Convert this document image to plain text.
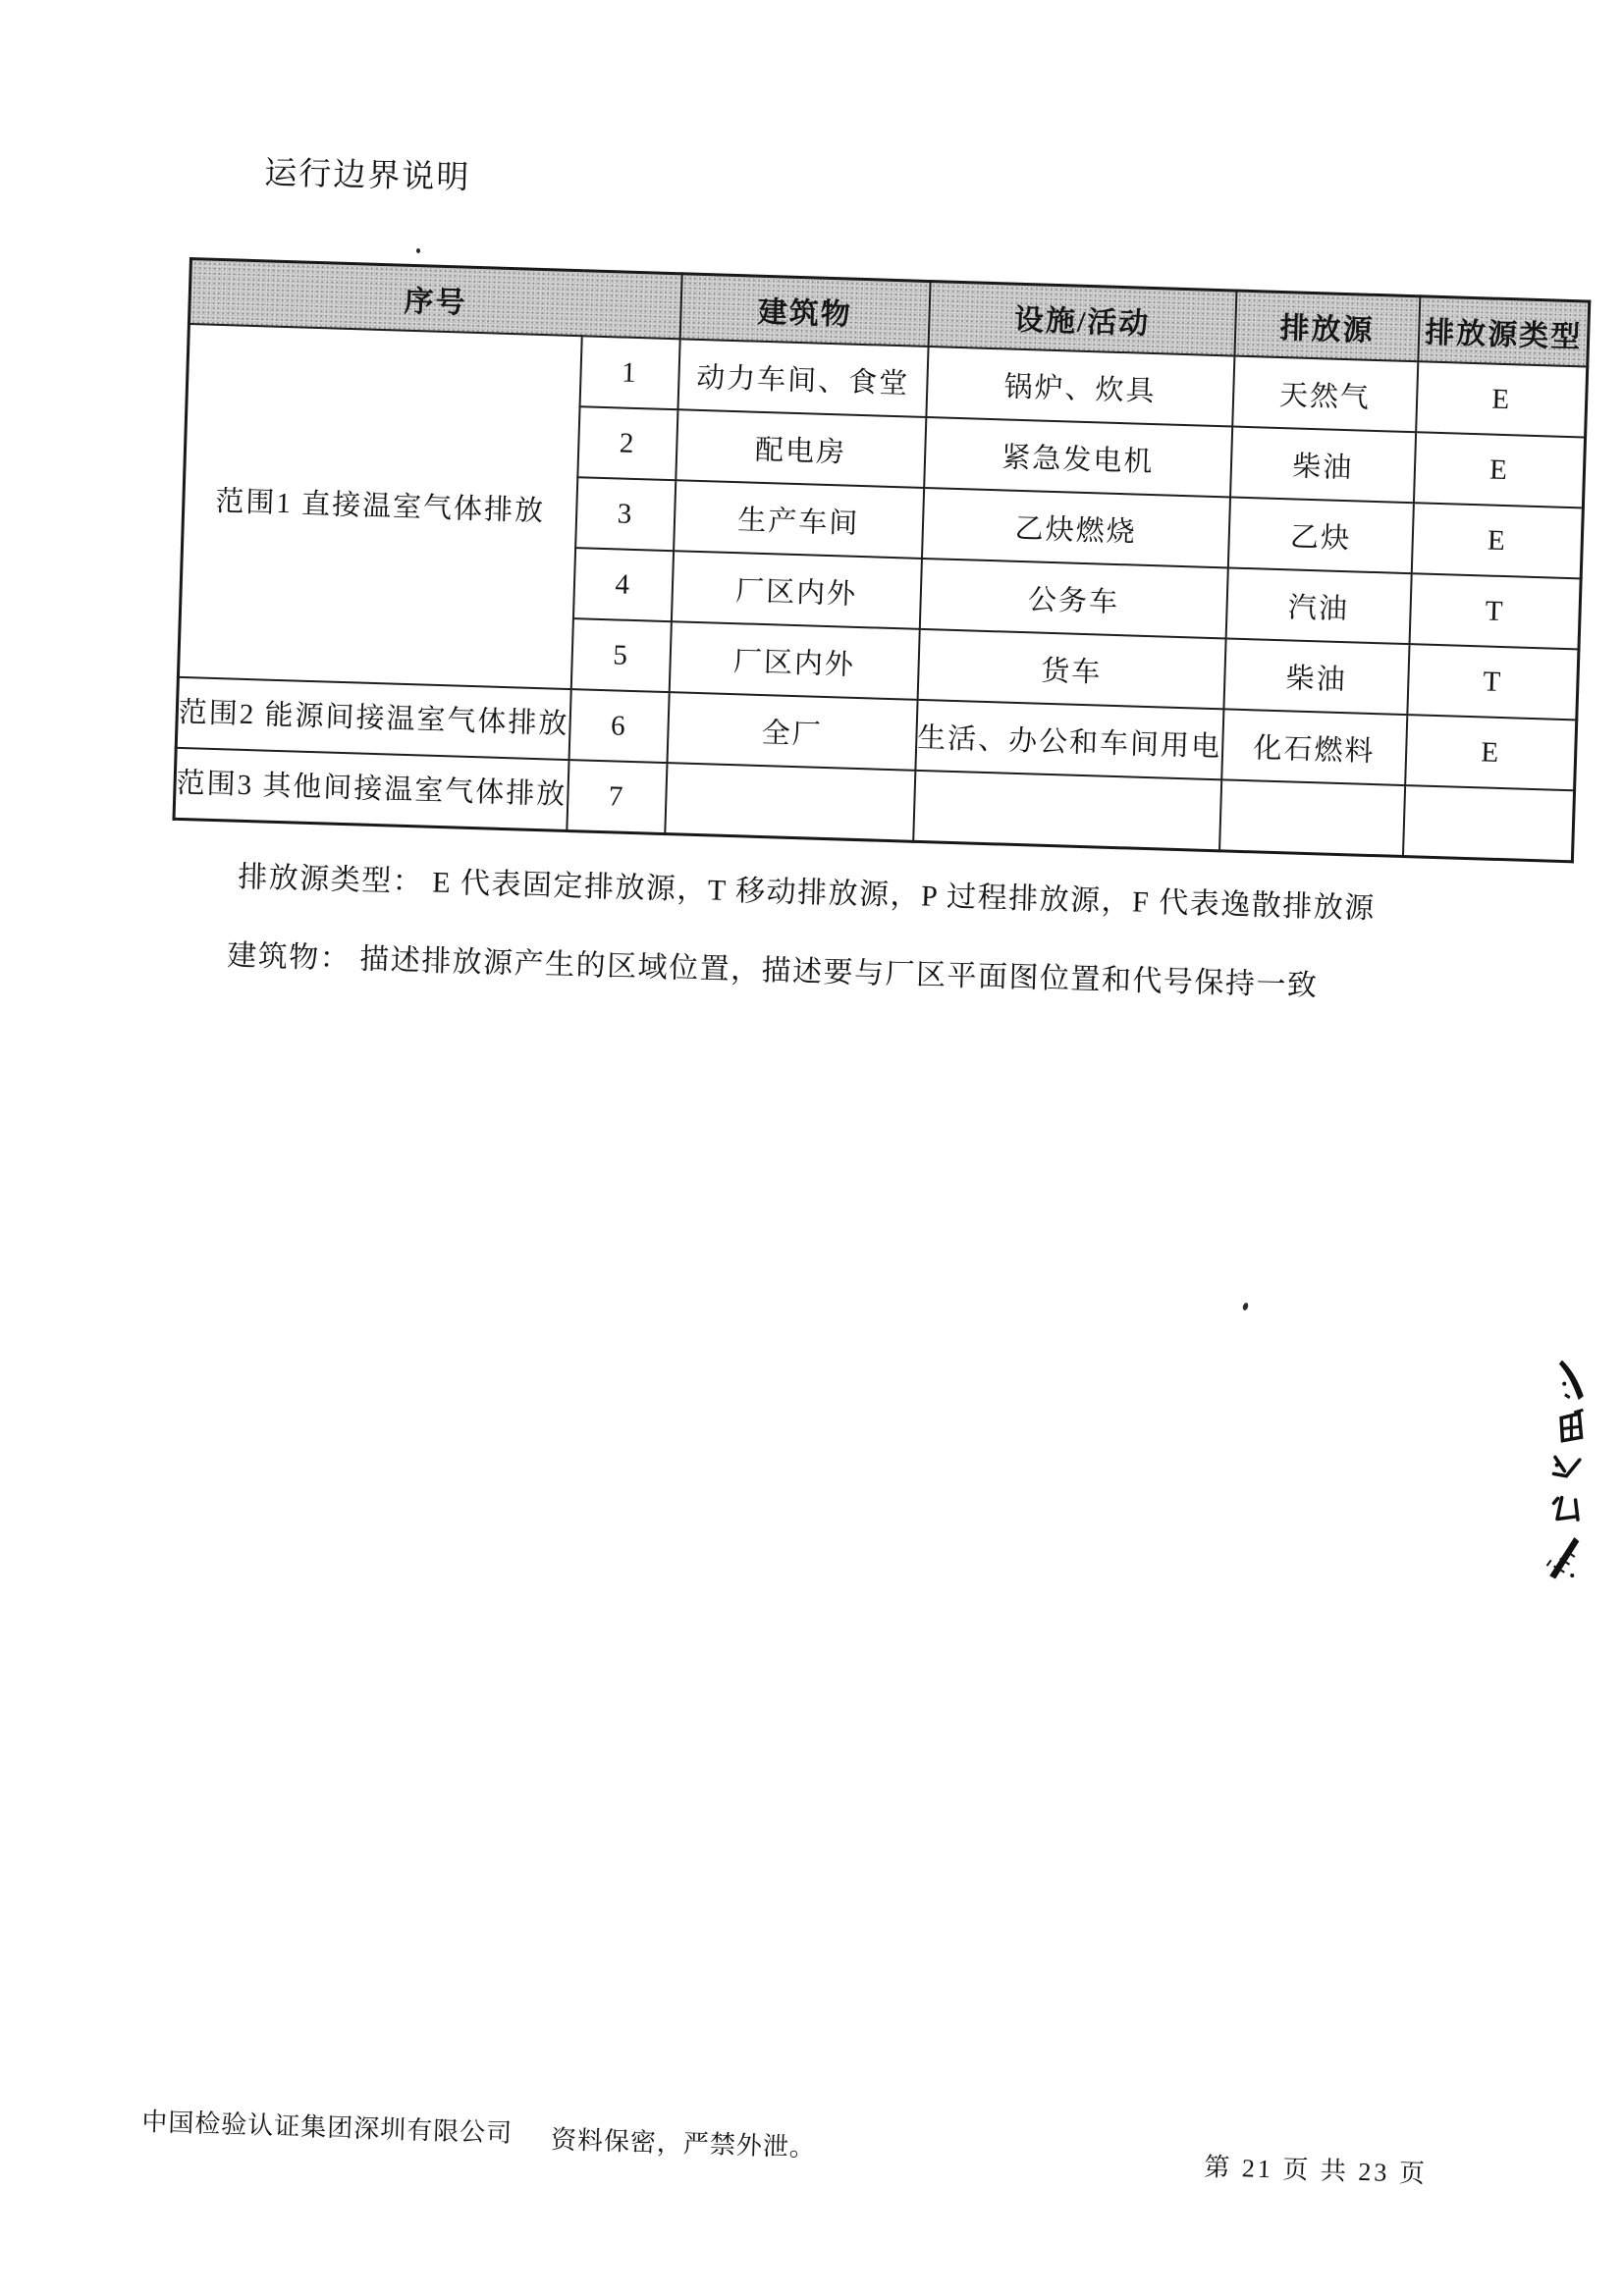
运行边界说明
序号		建筑物	设施/活动	排放源	排放源类型
范围1 直接温室气体排放	1	动力车间、食堂	锅炉、炊具	天然气	E
	2	配电房	紧急发电机	柴油	E
	3	生产车间	乙炔燃烧	乙炔	E
	4	厂区内外	公务车	汽油	T
	5	厂区内外	货车	柴油	T
范围2 能源间接温室气体排放	6	全厂	生活、办公和车间用电	化石燃料	E
范围3 其他间接温室气体排放	7				
排放源类型： E 代表固定排放源，T 移动排放源，P 过程排放源，F 代表逸散排放源
建筑物： 描述排放源产生的区域位置，描述要与厂区平面图位置和代号保持一致
中国检验认证集团深圳有限公司 资料保密，严禁外泄。
第 21 页 共 23 页
